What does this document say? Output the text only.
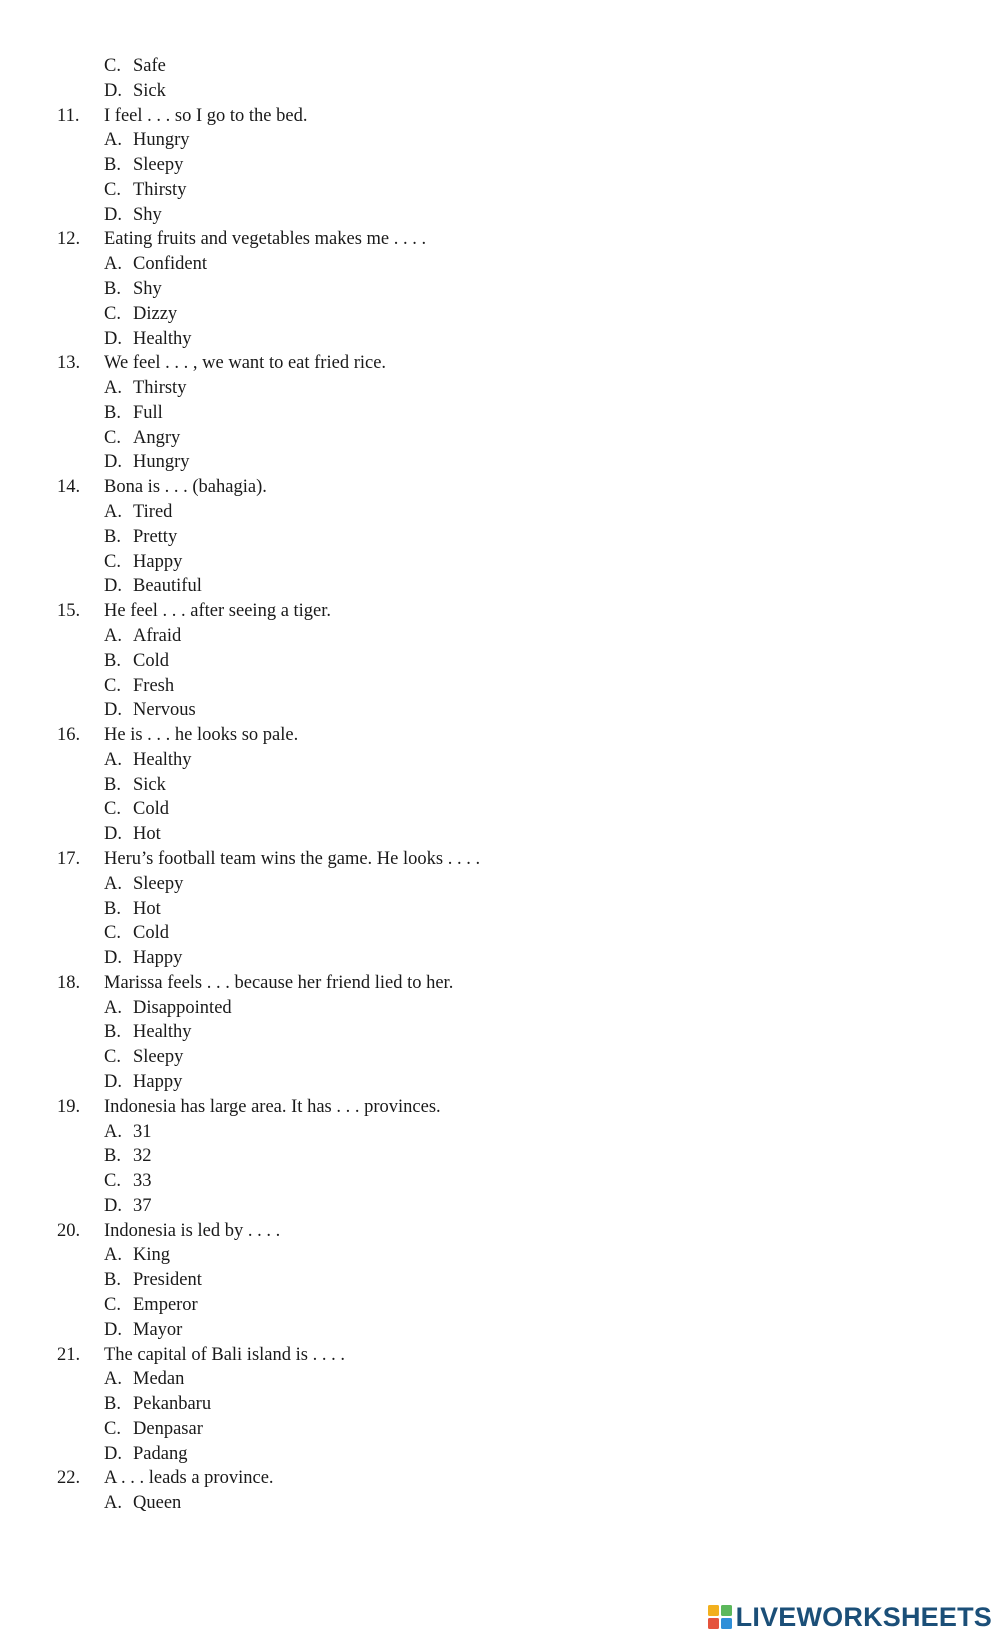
C. Safe
D. Sick
11. I feel . . . so I go to the bed.
A. Hungry
B. Sleepy
C. Thirsty
D. Shy
12. Eating fruits and vegetables makes me . . . .
A. Confident
B. Shy
C. Dizzy
D. Healthy
13. We feel . . . , we want to eat fried rice.
A. Thirsty
B. Full
C. Angry
D. Hungry
14. Bona is . . . (bahagia).
A. Tired
B. Pretty
C. Happy
D. Beautiful
15. He feel . . . after seeing a tiger.
A. Afraid
B. Cold
C. Fresh
D. Nervous
16. He is . . . he looks so pale.
A. Healthy
B. Sick
C. Cold
D. Hot
17. Heru’s football team wins the game. He looks . . . .
A. Sleepy
B. Hot
C. Cold
D. Happy
18. Marissa feels . . . because her friend lied to her.
A. Disappointed
B. Healthy
C. Sleepy
D. Happy
19. Indonesia has large area. It has . . . provinces.
A. 31
B. 32
C. 33
D. 37
20. Indonesia is led by . . . .
A. King
B. President
C. Emperor
D. Mayor
21. The capital of Bali island is . . . .
A. Medan
B. Pekanbaru
C. Denpasar
D. Padang
22. A . . . leads a province.
A. Queen
LIVEWORKSHEETS
